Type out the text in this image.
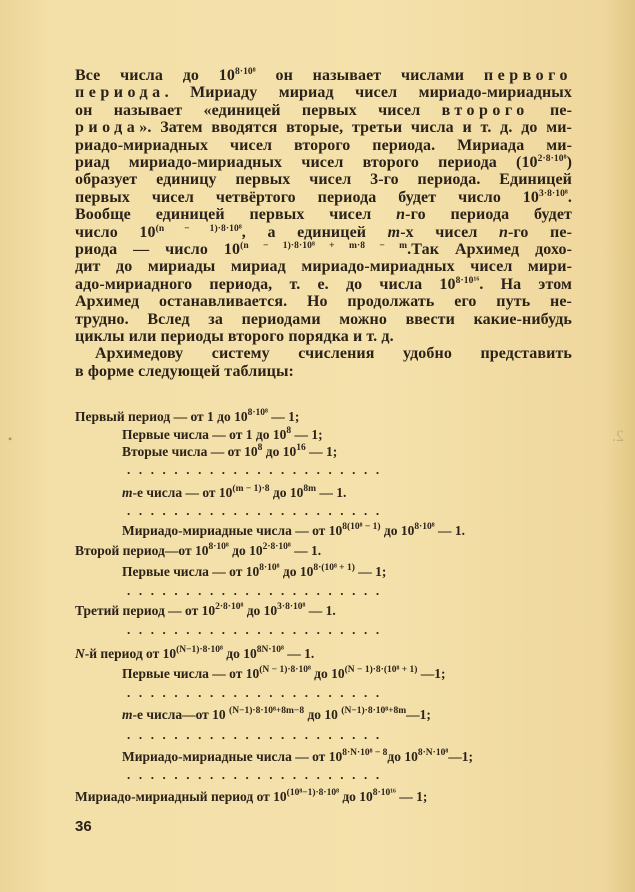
Все числа до $10^{8\cdot 10^8}$ он называет числами первого
периода. Мириаду мириад чисел мириадо-мириадных
он называет «единицей первых чисел второго пе-
риода». Затем вводятся вторые, третьи числа и т. д. до ми-
риадо-мириадных чисел второго периода. Мириада ми-
риад мириадо-мириадных чисел второго периода $(10^{2\cdot 8\cdot 10^8})$
образует единицу первых чисел 3-го периода. Единицей
первых чисел четвёртого периода будет число $10^{3\cdot 8\cdot 10^8}$.
Вообще единицей первых чисел n-го периода будет
число $10^{(n - 1)\cdot 8\cdot 10^8}$, а единицей m-х чисел n-го пе-
риода — число $10^{(n - 1)\cdot 8\cdot 10^8 + m\cdot 8 - m}.Так$ Архимед дохо-
дит до мириады мириад мириадо-мириадных чисел мири-
адо-мириадного периода, т. е. до числа $10^{8\cdot 10^{16}}$. На этом
Архимед останавливается. Но продолжать его путь не-
трудно. Вслед за периодами можно ввести какие-нибудь
циклы или периоды второго порядка и т. д.
Архимедову систему счисления удобно представить
в форме следующей таблицы:
Первый период — от 1 до $10^{8\cdot 10^8}$ — 1;
Первые числа — от 1 до $10^8$ — 1;
Вторые числа — от $10^8$ до $10^{16}$ — 1;
......................
m-е числа — от $10^{(m - 1)\cdot 8}$ до $10^{8m}$ — 1.
......................
Мириадо-мириадные числа — от $10^{8(10^8 - 1)}$ до $10^{8\cdot 10^8}$ — 1.
Второй период—от $10^{8\cdot 10^8}$ до $10^{2\cdot 8\cdot 10^8}$ — 1.
Первые числа — от $10^{8\cdot 10^8}$ до $10^{8\cdot(10^8 + 1)}$ — 1;
......................
Третий период — от $10^{2\cdot 8\cdot 10^8}$ до $10^{3\cdot 8\cdot 10^8}$ — 1.
......................
N-й период от $10^{(N-1)\cdot 8\cdot 10^8}$ до $10^{8N\cdot 10^8}$ — 1.
Первые числа — от $10^{(N - 1)\cdot 8\cdot 10^8}$ до $10^{(N - 1)\cdot 8\cdot(10^8 + 1)}$ —1;
......................
m-е числа—от 10 $^{(N-1)\cdot 8\cdot 10^8+8m-8}$ до 10 $^{(N-1)\cdot 8\cdot 10^8+8m}$—1;
......................
Мириадо-мириадные числа — от $10^{8\cdot N\cdot 10^8 - 8}до$ $10^{8\cdot N\cdot 10^8}—1$;
......................
Мириадо-мириадный период от $10^{(10^8-1)\cdot 8\cdot 10^8}$ до $10^{8\cdot 10^{16}}$ — 1;
36
2.
•
